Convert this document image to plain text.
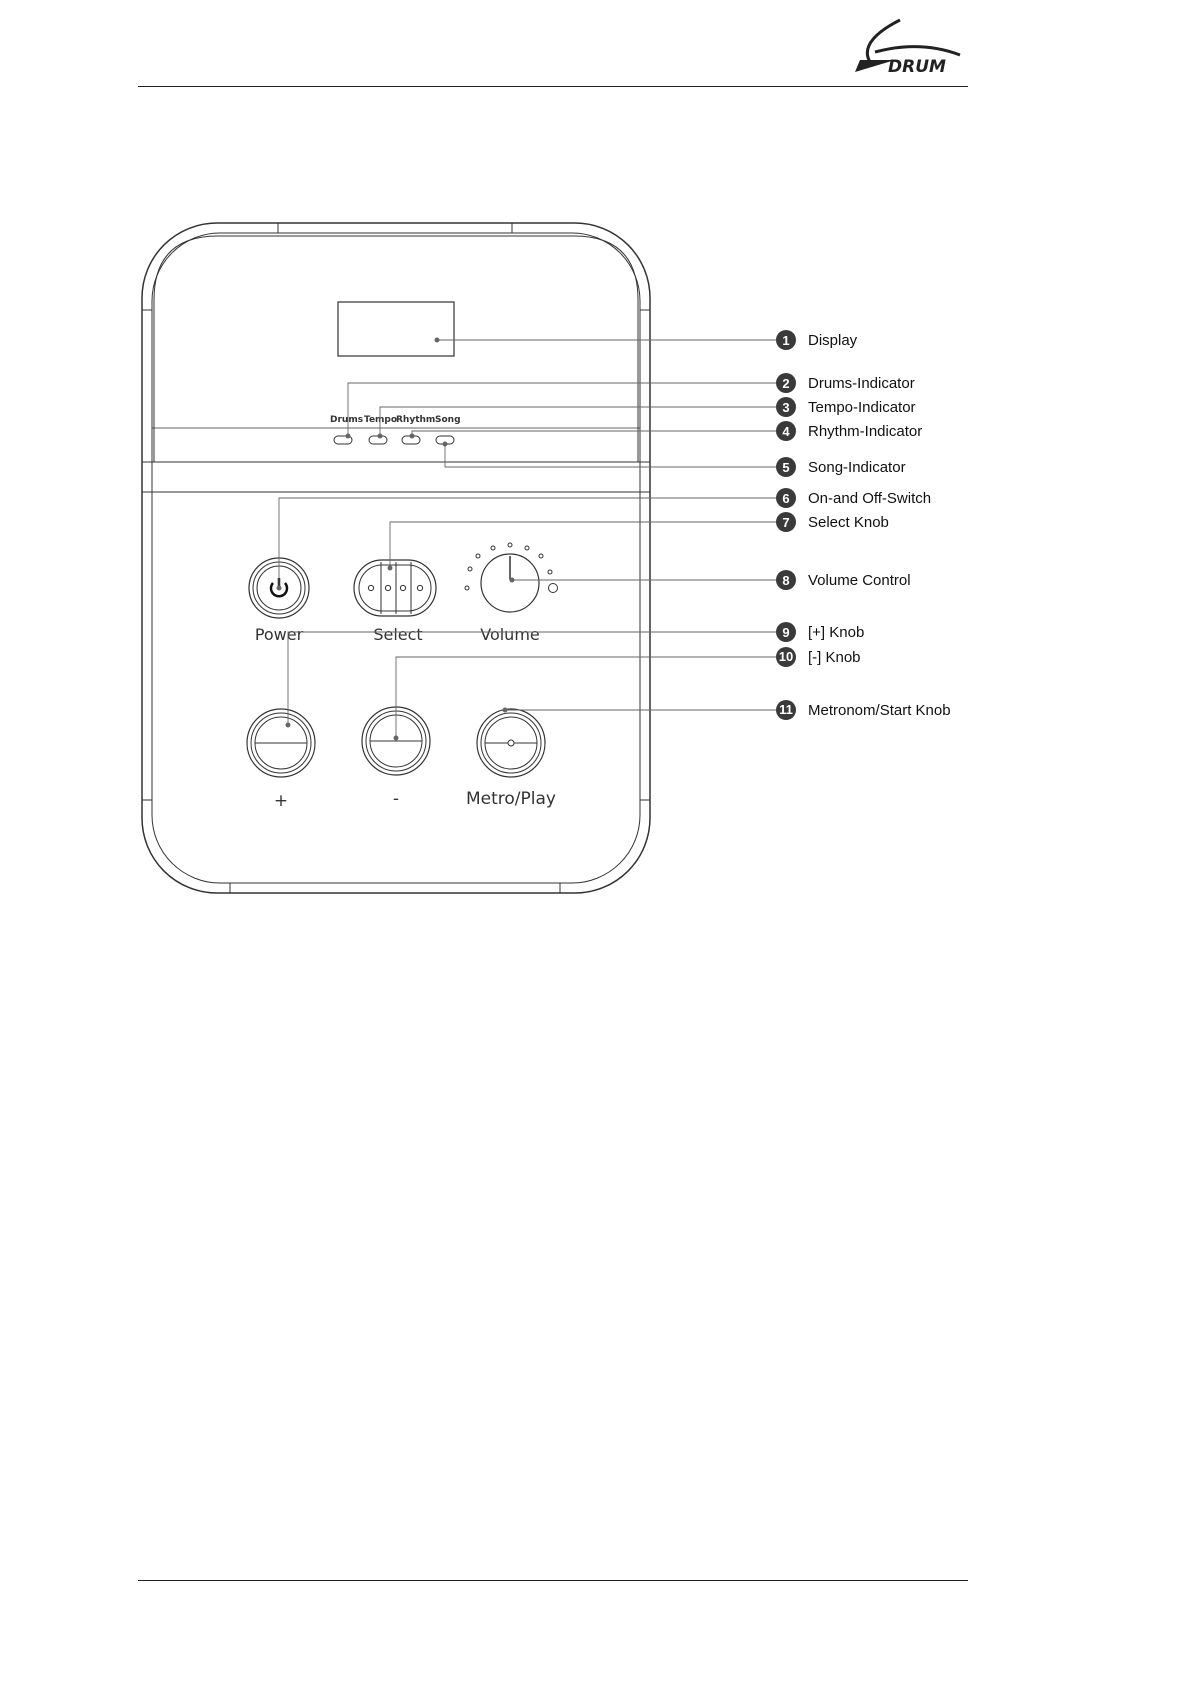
DRUM
Drums Tempo
Rhythm Song
Power	Select	Volume
+	-	Metro/Play
1 Display
2 Drums-Indicator
3 Tempo-Indicator
4 Rhythm-Indicator
5 Song-Indicator
6 On-and Off-Switch
7 Select Knob
8 Volume Control
9 [+] Knob
10 [-] Knob
11 Metronom/Start Knob
